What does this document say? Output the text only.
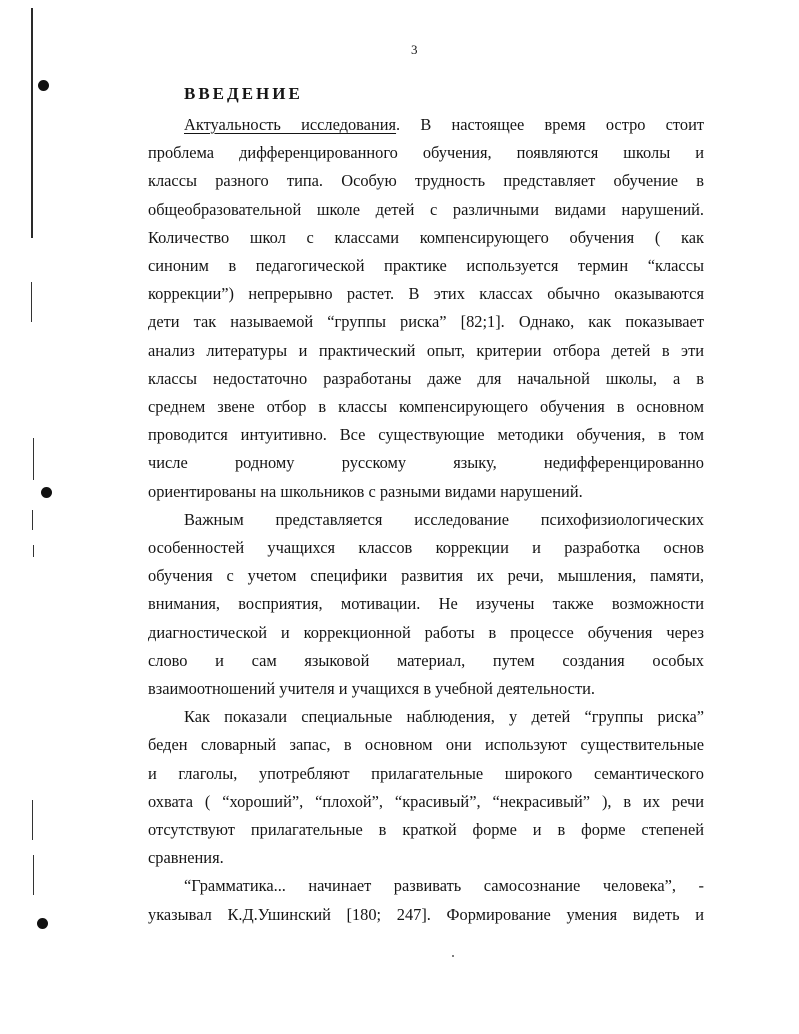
3
ВВЕДЕНИЕ
Актуальность исследования. В настоящее время остро стоит
проблема дифференцированного обучения, появляются школы и
классы разного типа. Особую трудность представляет обучение в
общеобразовательной школе детей с различными видами нарушений.
Количество школ с классами компенсирующего обучения ( как
синоним в педагогической практике используется термин “классы
коррекции”) непрерывно растет. В этих классах обычно оказываются
дети так называемой “группы риска” [82;1]. Однако, как показывает
анализ литературы и практический опыт, критерии отбора детей в эти
классы недостаточно разработаны даже для начальной школы, а в
среднем звене отбор в классы компенсирующего обучения в основном
проводится интуитивно. Все существующие методики обучения, в том
числе родному русскому языку, недифференцированно
ориентированы на школьников с разными видами нарушений.
Важным представляется исследование психофизиологических
особенностей учащихся классов коррекции и разработка основ
обучения с учетом специфики развития их речи, мышления, памяти,
внимания, восприятия, мотивации. Не изучены также возможности
диагностической и коррекционной работы в процессе обучения через
слово и сам языковой материал, путем создания особых
взаимоотношений учителя и учащихся в учебной деятельности.
Как показали специальные наблюдения, у детей “группы риска”
беден словарный запас, в основном они используют существительные
и глаголы, употребляют прилагательные широкого семантического
охвата ( “хороший”, “плохой”, “красивый”, “некрасивый” ), в их речи
отсутствуют прилагательные в краткой форме и в форме степеней
сравнения.
“Грамматика... начинает развивать самосознание человека”, -
указывал К.Д.Ушинский [180; 247]. Формирование умения видеть и
